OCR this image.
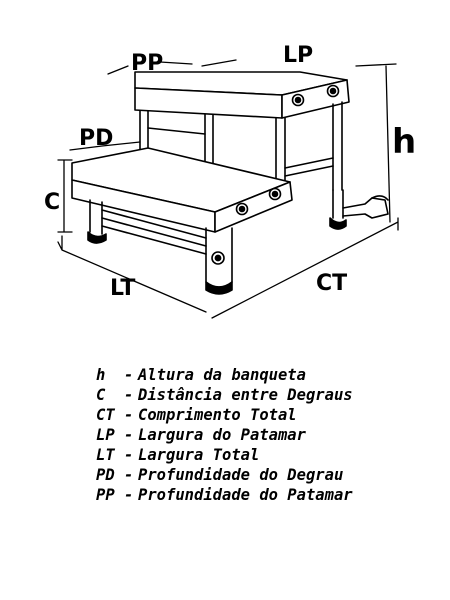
PP	LP
PD
C
h
LT	CT
h	- Altura da banqueta
C	- Distância entre Degraus
CT - Comprimento Total
LP - Largura do Patamar
LT - Largura Total
PD - Profundidade do Degrau
PP - Profundidade do Patamar
